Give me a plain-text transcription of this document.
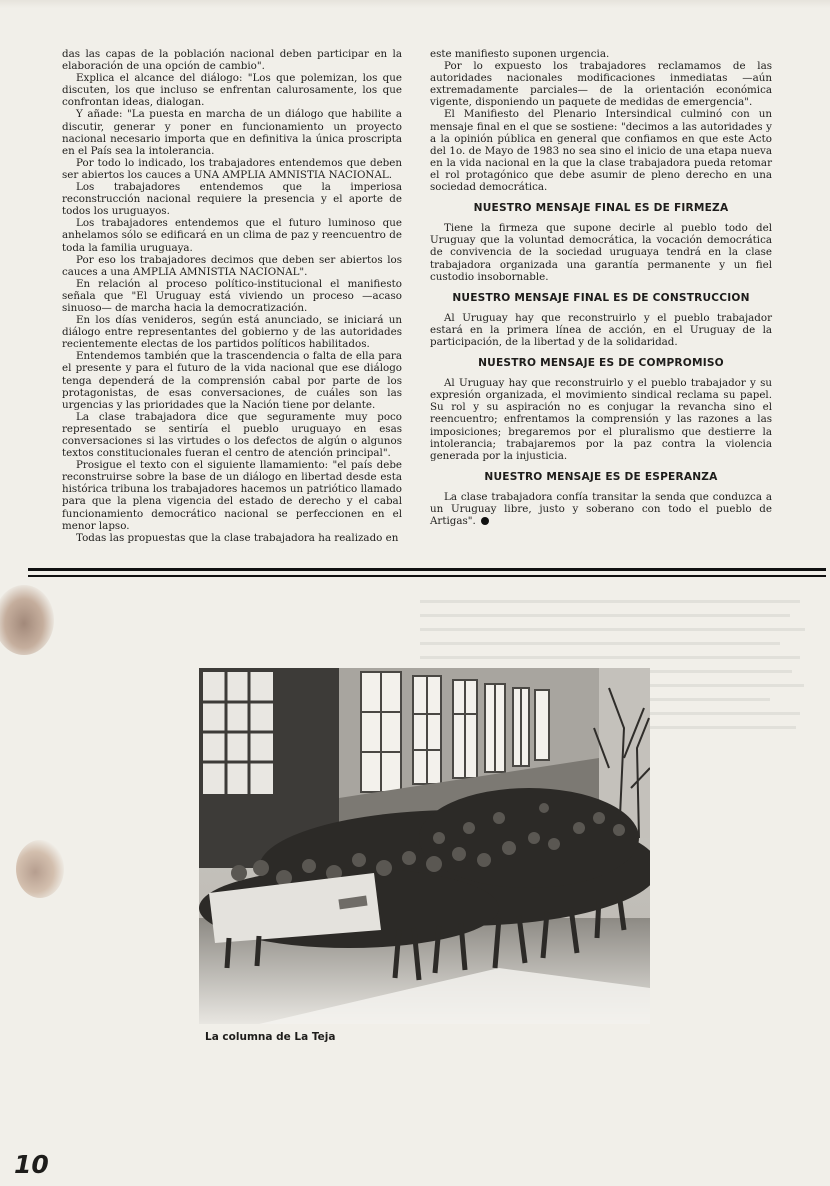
das las capas de la población nacional deben participar en la elaboración de una opción de cambio".

Explica el alcance del diálogo: "Los que polemizan, los que discuten, los que incluso se enfrentan calurosamente, los que confrontan ideas, dialogan.

Y añade: "La puesta en marcha de un diálogo que habilite a discutir, generar y poner en funcionamiento un proyecto nacional necesario importa que en definitiva la única proscripta en el País sea la intolerancia.

Por todo lo indicado, los trabajadores entendemos que deben ser abiertos los cauces a UNA AMPLIA AMNISTIA NACIONAL.

Los trabajadores entendemos que la imperiosa reconstrucción nacional requiere la presencia y el aporte de todos los uruguayos.

Los trabajadores entendemos que el futuro luminoso que anhelamos sólo se edificará en un clima de paz y reencuentro de toda la familia uruguaya.

Por eso los trabajadores decimos que deben ser abiertos los cauces a una AMPLIA AMNISTIA NACIONAL".

En relación al proceso político-institucional el manifiesto señala que "El Uruguay está viviendo un proceso —acaso sinuoso— de marcha hacia la democratización.

En los días venideros, según está anunciado, se iniciará un diálogo entre representantes del gobierno y de las autoridades recientemente electas de los partidos políticos habilitados.

Entendemos también que la trascendencia o falta de ella para el presente y para el futuro de la vida nacional que ese diálogo tenga dependerá de la comprensión cabal por parte de los protagonistas, de esas conversaciones, de cuáles son las urgencias y las prioridades que la Nación tiene por delante.

La clase trabajadora dice que seguramente muy poco representado se sentiría el pueblo uruguayo en esas conversaciones si las virtudes o los defectos de algún o algunos textos constitucionales fueran el centro de atención principal".

Prosigue el texto con el siguiente llamamiento: "el país debe reconstruirse sobre la base de un diálogo en libertad desde esta histórica tribuna los trabajadores hacemos un patriótico llamado para que la plena vigencia del estado de derecho y el cabal funcionamiento democrático nacional se perfeccionen en el menor lapso.

Todas las propuestas que la clase trabajadora ha realizado en

este manifiesto suponen urgencia.

Por lo expuesto los trabajadores reclamamos de las autoridades nacionales modificaciones inmediatas —aún extremadamente parciales— de la orientación económica vigente, disponiendo un paquete de medidas de emergencia".

El Manifiesto del Plenario Intersindical culminó con un mensaje final en el que se sostiene: "decimos a las autoridades y a la opinión pública en general que confiamos en que este Acto del 1o. de Mayo de 1983 no sea sino el inicio de una etapa nueva en la vida nacional en la que la clase trabajadora pueda retomar el rol protagónico que debe asumir de pleno derecho en una sociedad democrática.

NUESTRO MENSAJE FINAL ES DE FIRMEZA

Tiene la firmeza que supone decirle al pueblo todo del Uruguay que la voluntad democrática, la vocación democrática de convivencia de la sociedad uruguaya tendrá en la clase trabajadora organizada una garantía permanente y un fiel custodio insobornable.

NUESTRO MENSAJE FINAL ES DE CONSTRUCCION

Al Uruguay hay que reconstruirlo y el pueblo trabajador estará en la primera línea de acción, en el Uruguay de la participación, de la libertad y de la solidaridad.

NUESTRO MENSAJE ES DE COMPROMISO

Al Uruguay hay que reconstruirlo y el pueblo trabajador y su expresión organizada, el movimiento sindical reclama su papel. Su rol y su aspiración no es conjugar la revancha sino el reencuentro; enfrentamos la comprensión y las razones a las imposiciones; bregaremos por el pluralismo que destierre la intolerancia; trabajaremos por la paz contra la violencia generada por la injusticia.

NUESTRO MENSAJE ES DE ESPERANZA

La clase trabajadora confía transitar la senda que conduzca a un Uruguay libre, justo y soberano con todo el pueblo de Artigas".

La columna de La Teja
10
